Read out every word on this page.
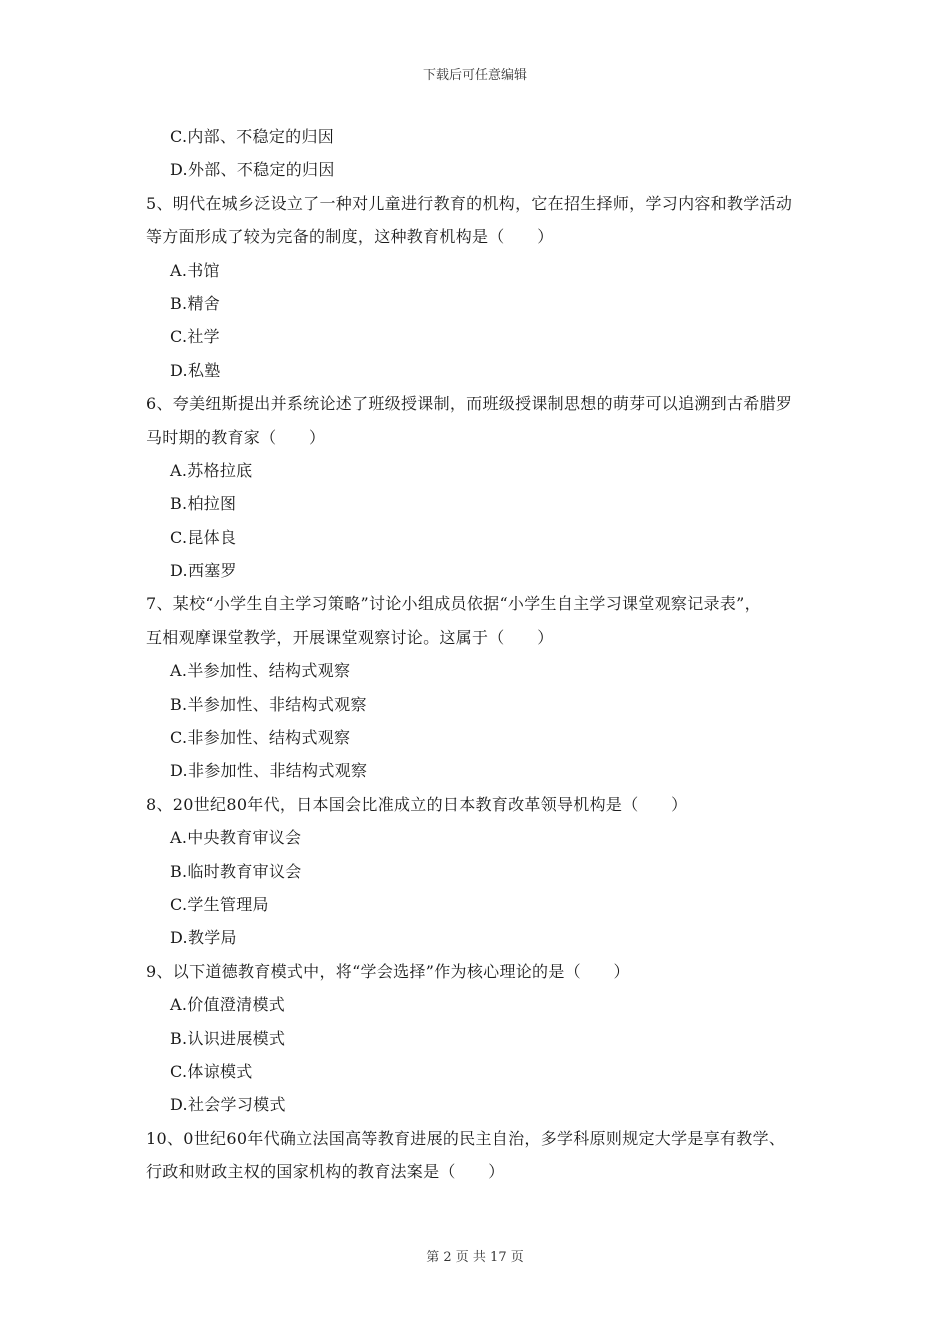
下载后可任意编辑
C.内部、不稳定的归因
D.外部、不稳定的归因
5、明代在城乡泛设立了一种对儿童进行教育的机构，它在招生择师，学习内容和教学活动
等方面形成了较为完备的制度，这种教育机构是（　　）
A.书馆
B.精舍
C.社学
D.私塾
6、夸美纽斯提出并系统论述了班级授课制，而班级授课制思想的萌芽可以追溯到古希腊罗
马时期的教育家（　　）
A.苏格拉底
B.柏拉图
C.昆体良
D.西塞罗
7、某校“小学生自主学习策略”讨论小组成员依据“小学生自主学习课堂观察记录表”，
互相观摩课堂教学，开展课堂观察讨论。这属于（　　）
A.半参加性、结构式观察
B.半参加性、非结构式观察
C.非参加性、结构式观察
D.非参加性、非结构式观察
8、20世纪80年代，日本国会比准成立的日本教育改革领导机构是（　　）
A.中央教育审议会
B.临时教育审议会
C.学生管理局
D.教学局
9、以下道德教育模式中，将“学会选择”作为核心理论的是（　　）
A.价值澄清模式
B.认识进展模式
C.体谅模式
D.社会学习模式
10、0世纪60年代确立法国高等教育进展的民主自治，多学科原则规定大学是享有教学、
行政和财政主权的国家机构的教育法案是（　　）
第 2 页 共 17 页
